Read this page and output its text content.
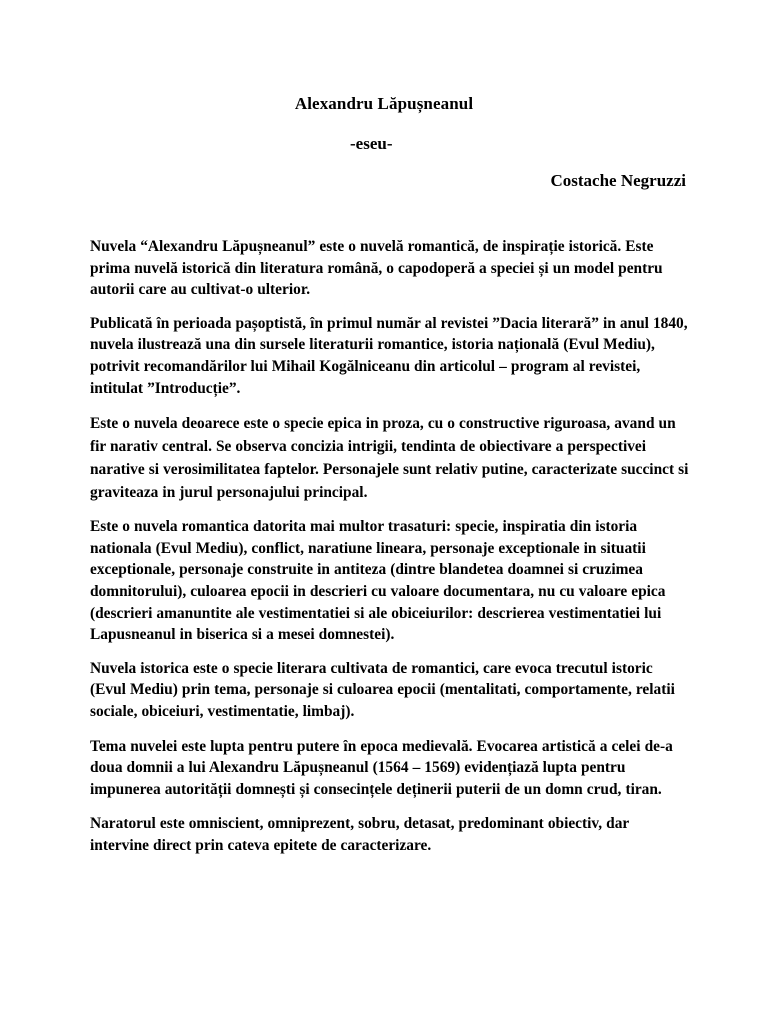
Alexandru Lăpușneanul
-eseu-
Costache Negruzzi

Nuvela “Alexandru Lăpușneanul” este o nuvelă romantică, de inspirație istorică. Este prima nuvelă istorică din literatura română, o capodoperă a speciei și un model pentru autorii care au cultivat-o ulterior.

Publicată în perioada pașoptistă, în primul număr al revistei ”Dacia literară” in anul 1840, nuvela ilustrează una din sursele literaturii romantice, istoria națională (Evul Mediu), potrivit recomandărilor lui Mihail Kogălniceanu din articolul – program al revistei, intitulat ”Introducție”.

Este o nuvela deoarece este o specie epica in proza, cu o constructive riguroasa, avand un fir narativ central. Se observa concizia intrigii, tendinta de obiectivare a perspectivei narative si verosimilitatea faptelor. Personajele sunt relativ putine, caracterizate succinct si graviteaza in jurul personajului principal.

Este o nuvela romantica datorita mai multor trasaturi: specie, inspiratia din istoria nationala (Evul Mediu), conflict, naratiune lineara, personaje exceptionale in situatii exceptionale, personaje construite in antiteza (dintre blandetea doamnei si cruzimea domnitorului), culoarea epocii in descrieri cu valoare documentara, nu cu valoare epica (descrieri amanuntite ale vestimentatiei si ale obiceiurilor: descrierea vestimentatiei lui Lapusneanul in biserica si a mesei domnestei).

Nuvela istorica este o specie literara cultivata de romantici, care evoca trecutul istoric (Evul Mediu) prin tema, personaje si culoarea epocii (mentalitati, comportamente, relatii sociale, obiceiuri, vestimentatie, limbaj).

Tema nuvelei este lupta pentru putere în epoca medievală. Evocarea artistică a celei de-a doua domnii a lui Alexandru Lăpușneanul (1564 – 1569) evidențiază lupta pentru impunerea autorității domnești și consecințele deținerii puterii de un domn crud, tiran.

Naratorul este omniscient, omniprezent, sobru, detasat, predominant obiectiv, dar intervine direct prin cateva epitete de caracterizare.
